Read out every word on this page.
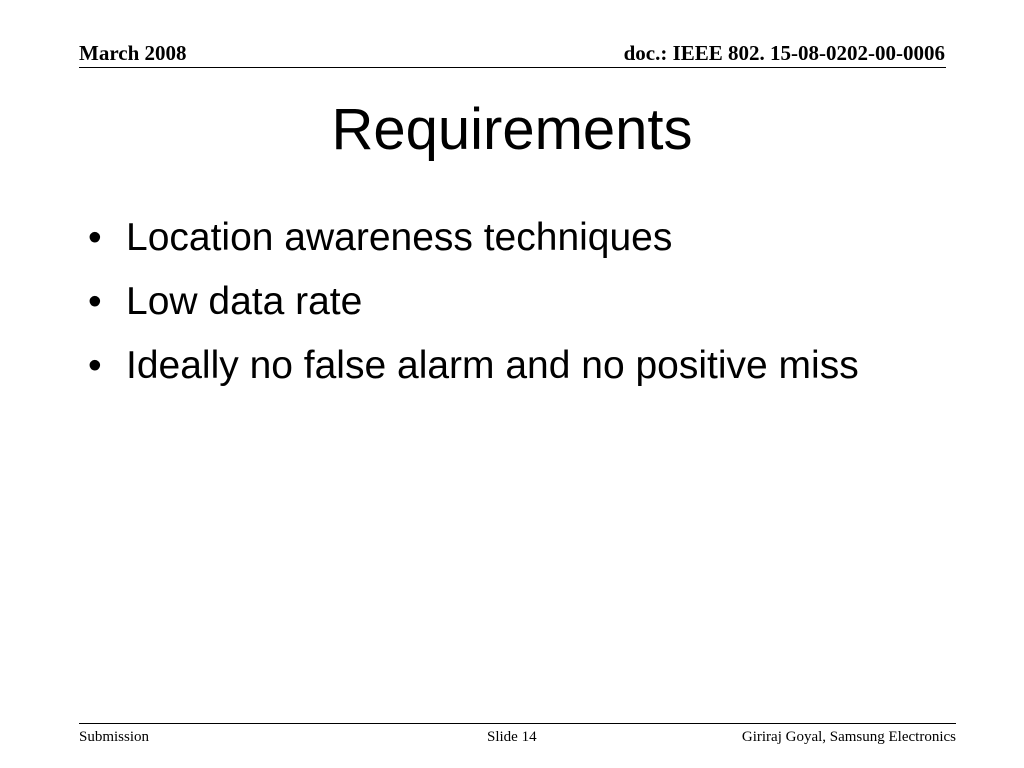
March 2008	doc.: IEEE 802. 15-08-0202-00-0006
Requirements
• Location awareness techniques
• Low data rate
• Ideally no false alarm and no positive miss
Submission	Slide 14	Giriraj Goyal, Samsung Electronics
